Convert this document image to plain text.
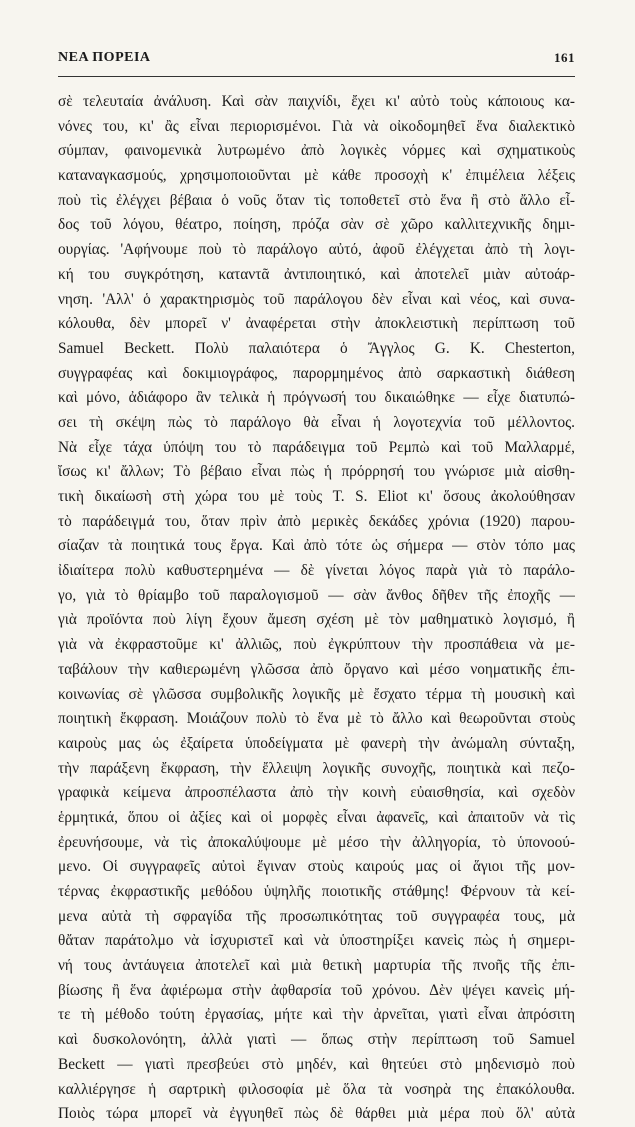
ΝΕΑ ΠΟΡΕΙΑ	161
σὲ τελευταία ἀνάλυση. Καὶ σὰν παιχνίδι, ἔχει κι' αὐτὸ τοὺς κάποιους κα-
νόνες του, κι' ἂς εἶναι περιορισμένοι. Γιὰ νὰ οἰκοδομηθεῖ ἕνα διαλεκτικὸ
σύμπαν, φαινομενικὰ λυτρωμένο ἀπὸ λογικὲς νόρμες καὶ σχηματικοὺς
καταναγκασμούς, χρησιμοποιοῦνται μὲ κάθε προσοχὴ κ' ἐπιμέλεια λέξεις
ποὺ τὶς ἐλέγχει βέβαια ὁ νοῦς ὅταν τὶς τοποθετεῖ στὸ ἕνα ἢ στὸ ἄλλο εἶ-
δος τοῦ λόγου, θέατρο, ποίηση, πρόζα σὰν σὲ χῶρο καλλιτεχνικῆς δημι-
ουργίας. 'Αφήνουμε ποὺ τὸ παράλογο αὐτό, ἀφοῦ ἐλέγχεται ἀπὸ τὴ λογι-
κή του συγκρότηση, καταντᾶ ἀντιποιητικό, καὶ ἀποτελεῖ μιὰν αὐτοάρ-
νηση. 'Αλλ' ὁ χαρακτηρισμὸς τοῦ παράλογου δὲν εἶναι καὶ νέος, καὶ συνα-
κόλουθα, δὲν μπορεῖ ν' ἀναφέρεται στὴν ἀποκλειστικὴ περίπτωση τοῦ
Samuel Beckett. Πολὺ παλαιότερα ὁ Ἄγγλος G. K. Chesterton,
συγγραφέας καὶ δοκιμιογράφος, παρορμημένος ἀπὸ σαρκαστικὴ διάθεση
καὶ μόνο, ἀδιάφορο ἂν τελικὰ ἡ πρόγνωσή του δικαιώθηκε — εἶχε διατυπώ-
σει τὴ σκέψη πὼς τὸ παράλογο θὰ εἶναι ἡ λογοτεχνία τοῦ μέλλοντος.
Νὰ εἶχε τάχα ὑπόψη του τὸ παράδειγμα τοῦ Ρεμπὼ καὶ τοῦ Μαλλαρμέ,
ἴσως κι' ἄλλων; Τὸ βέβαιο εἶναι πὼς ἡ πρόρρησή του γνώρισε μιὰ αἰσθη-
τικὴ δικαίωσὴ στὴ χώρα του μὲ τοὺς T. S. Eliot κι' ὅσους ἀκολούθησαν
τὸ παράδειγμά του, ὅταν πρὶν ἀπὸ μερικὲς δεκάδες χρόνια (1920) παρου-
σίαζαν τὰ ποιητικά τους ἔργα. Καὶ ἀπὸ τότε ὡς σήμερα — στὸν τόπο μας
ἰδιαίτερα πολὺ καθυστερημένα — δὲ γίνεται λόγος παρὰ γιὰ τὸ παράλο-
γο, γιὰ τὸ θρίαμβο τοῦ παραλογισμοῦ — σὰν ἄνθος δῆθεν τῆς ἐποχῆς —
γιὰ προϊόντα ποὺ λίγη ἔχουν ἄμεση σχέση μὲ τὸν μαθηματικὸ λογισμό, ἢ
γιὰ νὰ ἐκφραστοῦμε κι' ἀλλιῶς, ποὺ ἐγκρύπτουν τὴν προσπάθεια νὰ με-
ταβάλουν τὴν καθιερωμένη γλῶσσα ἀπὸ ὄργανο καὶ μέσο νοηματικῆς ἐπι-
κοινωνίας σὲ γλῶσσα συμβολικῆς λογικῆς μὲ ἔσχατο τέρμα τὴ μουσικὴ καὶ
ποιητικὴ ἔκφραση. Μοιάζουν πολὺ τὸ ἕνα μὲ τὸ ἄλλο καὶ θεωροῦνται στοὺς
καιροὺς μας ὡς ἐξαίρετα ὑποδείγματα μὲ φανερὴ τὴν ἀνώμαλη σύνταξη,
τὴν παράξενη ἔκφραση, τὴν ἔλλειψη λογικῆς συνοχῆς, ποιητικὰ καὶ πεζο-
γραφικὰ κείμενα ἀπροσπέλαστα ἀπὸ τὴν κοινὴ εὐαισθησία, καὶ σχεδὸν
ἑρμητικά, ὅπου οἱ ἀξίες καὶ οἱ μορφὲς εἶναι ἀφανεῖς, καὶ ἀπαιτοῦν νὰ τὶς
ἐρευνήσουμε, νὰ τὶς ἀποκαλύψουμε μὲ μέσο τὴν ἀλληγορία, τὸ ὑπονοού-
μενο. Οἱ συγγραφεῖς αὐτοὶ ἔγιναν στοὺς καιρούς μας οἱ ἅγιοι τῆς μον-
τέρνας ἐκφραστικῆς μεθόδου ὑψηλῆς ποιοτικῆς στάθμης! Φέρνουν τὰ κεί-
μενα αὐτὰ τὴ σφραγίδα τῆς προσωπικότητας τοῦ συγγραφέα τους, μὰ
θἄταν παράτολμο νὰ ἰσχυριστεῖ καὶ νὰ ὑποστηρίξει κανεὶς πὼς ἡ σημερι-
νή τους ἀντάυγεια ἀποτελεῖ καὶ μιὰ θετικὴ μαρτυρία τῆς πνοῆς τῆς ἐπι-
βίωσης ἢ ἕνα ἀφιέρωμα στὴν ἀφθαρσία τοῦ χρόνου. Δὲν ψέγει κανεὶς μή-
τε τὴ μέθοδο τούτη ἐργασίας, μήτε καὶ τὴν ἀρνεῖται, γιατὶ εἶναι ἀπρόσιτη
καὶ δυσκολονόητη, ἀλλὰ γιατὶ — ὅπως στὴν περίπτωση τοῦ Samuel
Beckett — γιατὶ πρεσβεύει στὸ μηδέν, καὶ θητεύει στὸ μηδενισμὸ ποὺ
καλλιέργησε ἡ σαρτρικὴ φιλοσοφία μὲ ὅλα τὰ νοσηρὰ της ἐπακόλουθα.
Ποιὸς τώρα μπορεῖ νὰ ἐγγυηθεῖ πὼς δὲ θάρθει μιὰ μέρα ποὺ ὅλ' αὐτὰ
